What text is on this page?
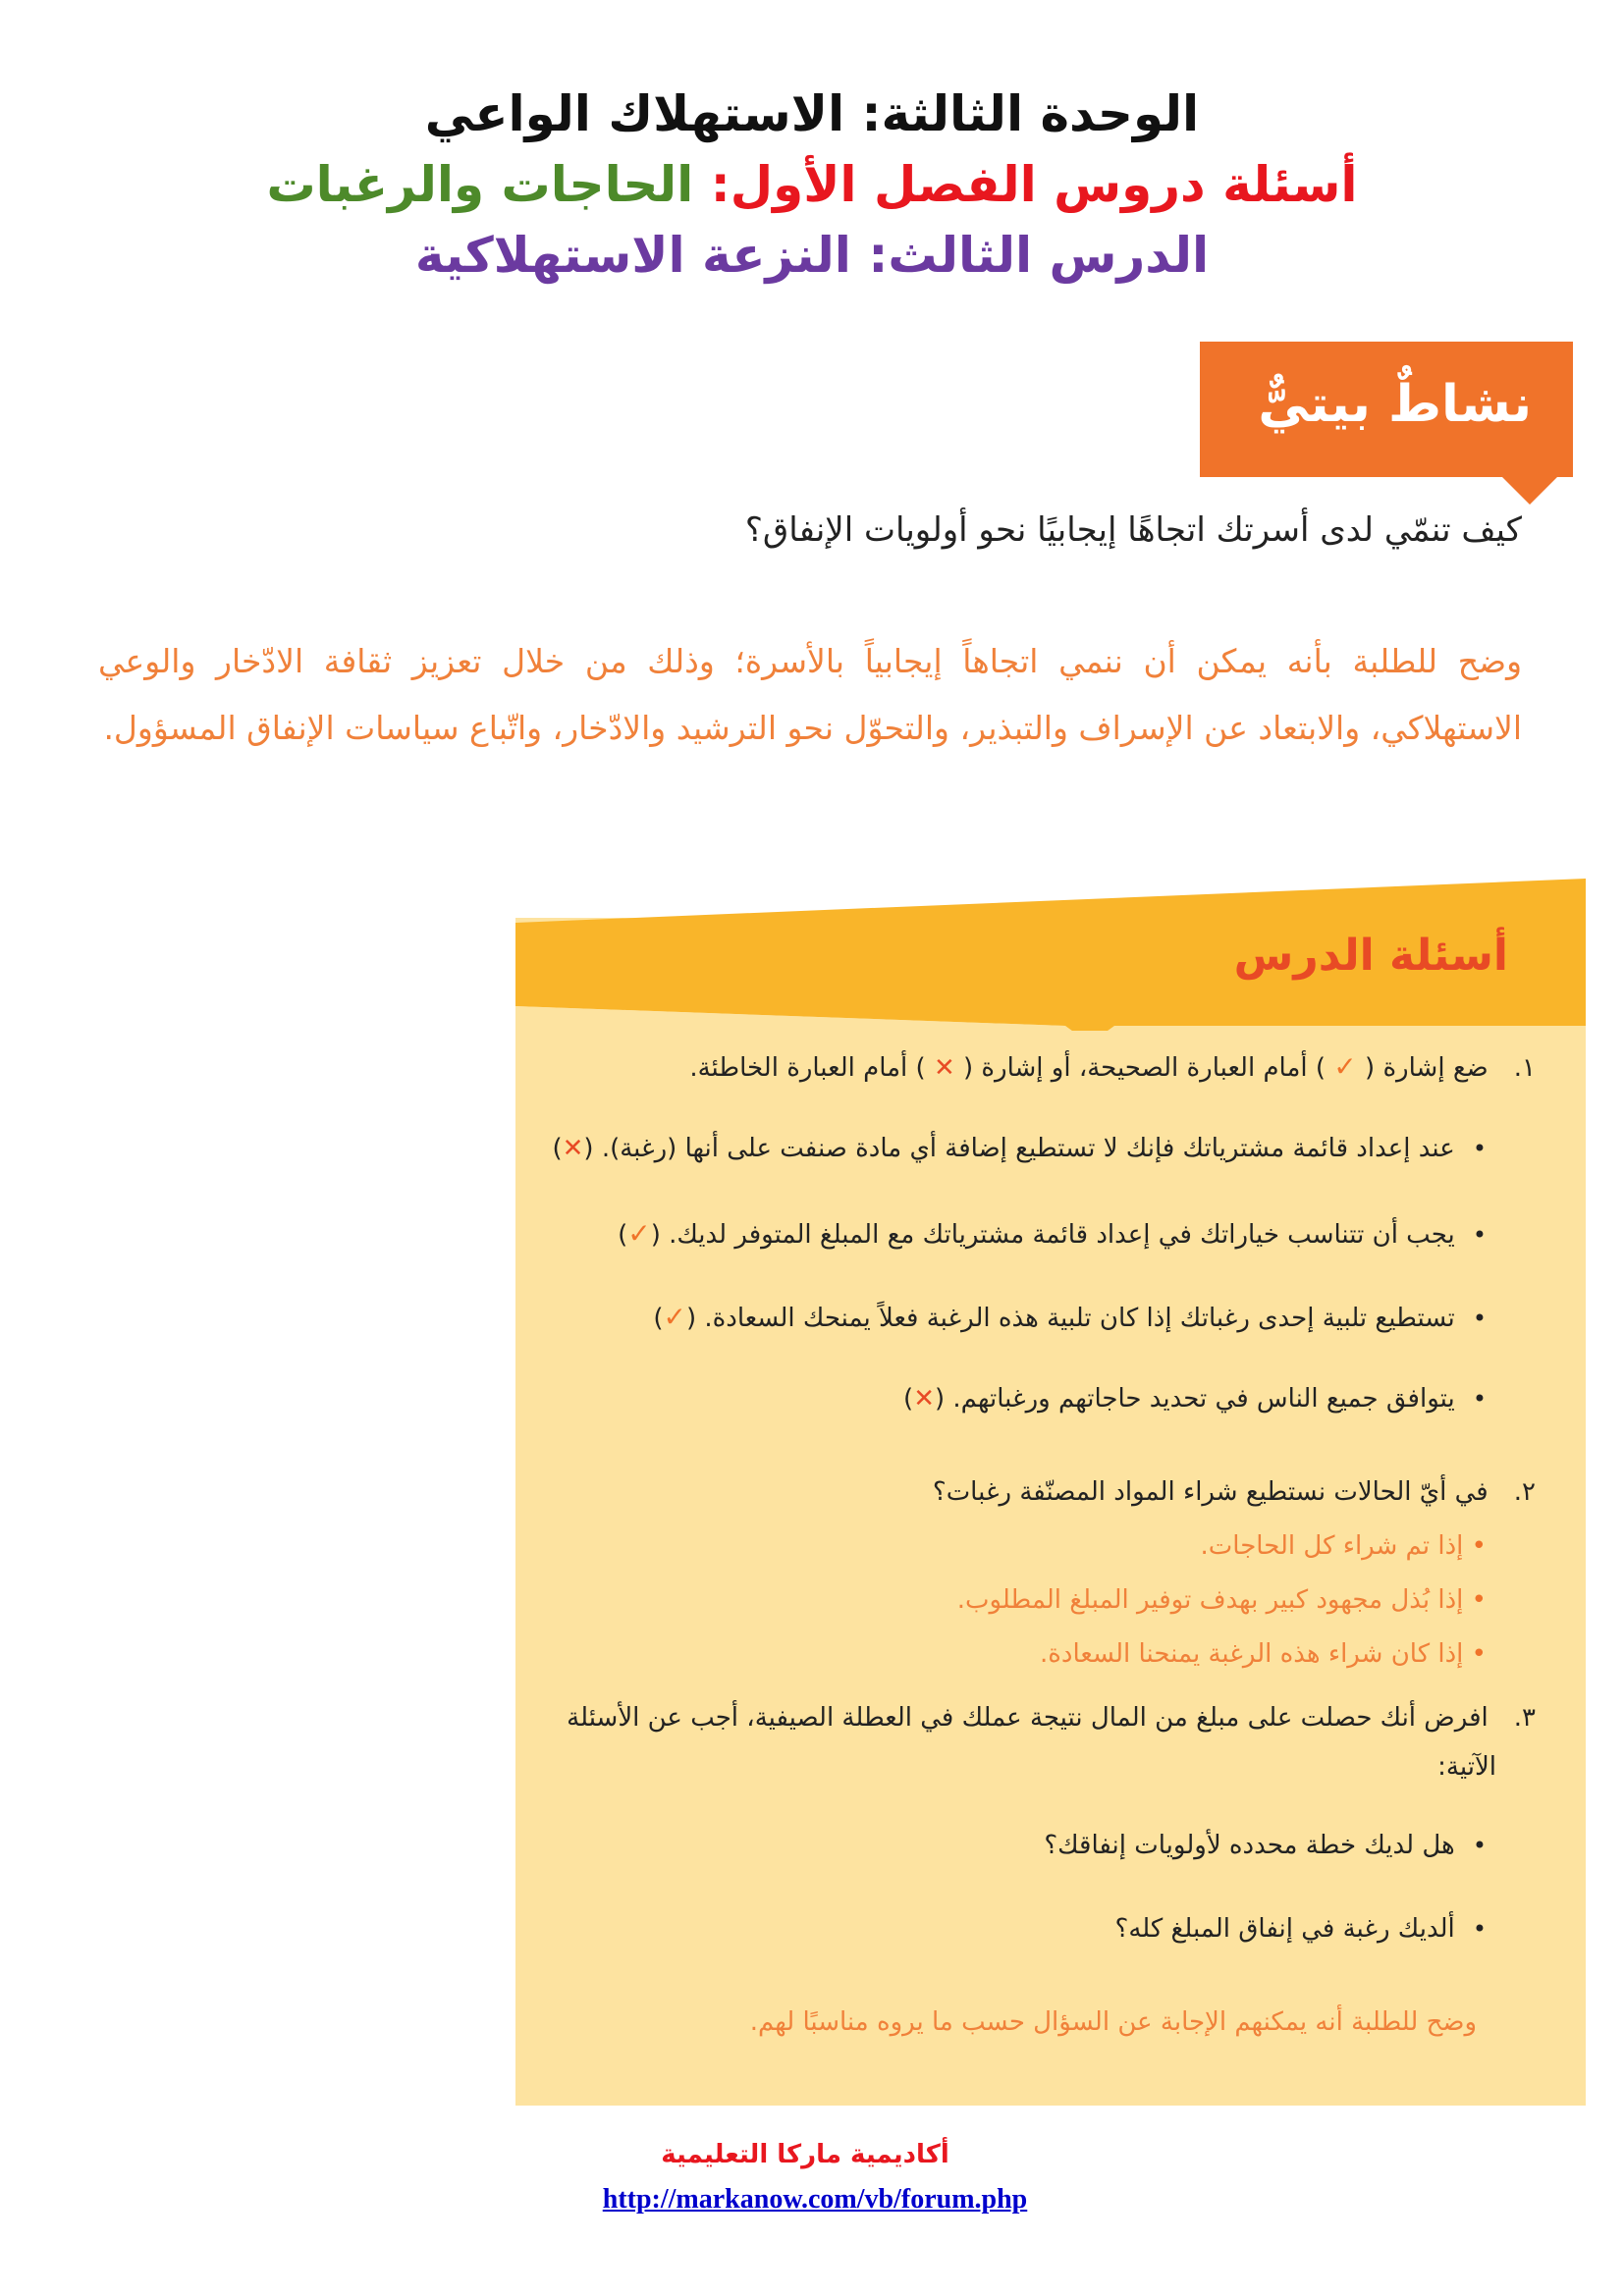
الوحدة الثالثة: الاستهلاك الواعي
أسئلة دروس الفصل الأول: الحاجات والرغبات
الدرس الثالث: النزعة الاستهلاكية
نشاطٌ بيتيٌّ
كيف تنمّي لدى أسرتك اتجاهًا إيجابيًا نحو أولويات الإنفاق؟
وضح للطلبة بأنه يمكن أن ننمي اتجاهاً إيجابياً بالأسرة؛ وذلك من خلال تعزيز ثقافة الادّخار والوعي الاستهلاكي، والابتعاد عن الإسراف والتبذير، والتحوّل نحو الترشيد والادّخار، واتّباع سياسات الإنفاق المسؤول.
أسئلة الدرس
١. ضع إشارة ( ✓ ) أمام العبارة الصحيحة، أو إشارة ( ✕ ) أمام العبارة الخاطئة.
• عند إعداد قائمة مشترياتك فإنك لا تستطيع إضافة أي مادة صنفت على أنها (رغبة). (✕)
• يجب أن تتناسب خياراتك في إعداد قائمة مشترياتك مع المبلغ المتوفر لديك. (✓)
• تستطيع تلبية إحدى رغباتك إذا كان تلبية هذه الرغبة فعلاً يمنحك السعادة. (✓)
• يتوافق جميع الناس في تحديد حاجاتهم ورغباتهم. (✕)
٢. في أيّ الحالات نستطيع شراء المواد المصنّفة رغبات؟
• إذا تم شراء كل الحاجات.
• إذا بُذل مجهود كبير بهدف توفير المبلغ المطلوب.
• إذا كان شراء هذه الرغبة يمنحنا السعادة.
٣. افرض أنك حصلت على مبلغ من المال نتيجة عملك في العطلة الصيفية، أجب عن الأسئلة
الآتية:
• هل لديك خطة محدده لأولويات إنفاقك؟
• ألديك رغبة في إنفاق المبلغ كله؟
وضح للطلبة أنه يمكنهم الإجابة عن السؤال حسب ما يروه مناسبًا لهم.
أكاديمية ماركا التعليمية
http://markanow.com/vb/forum.php
